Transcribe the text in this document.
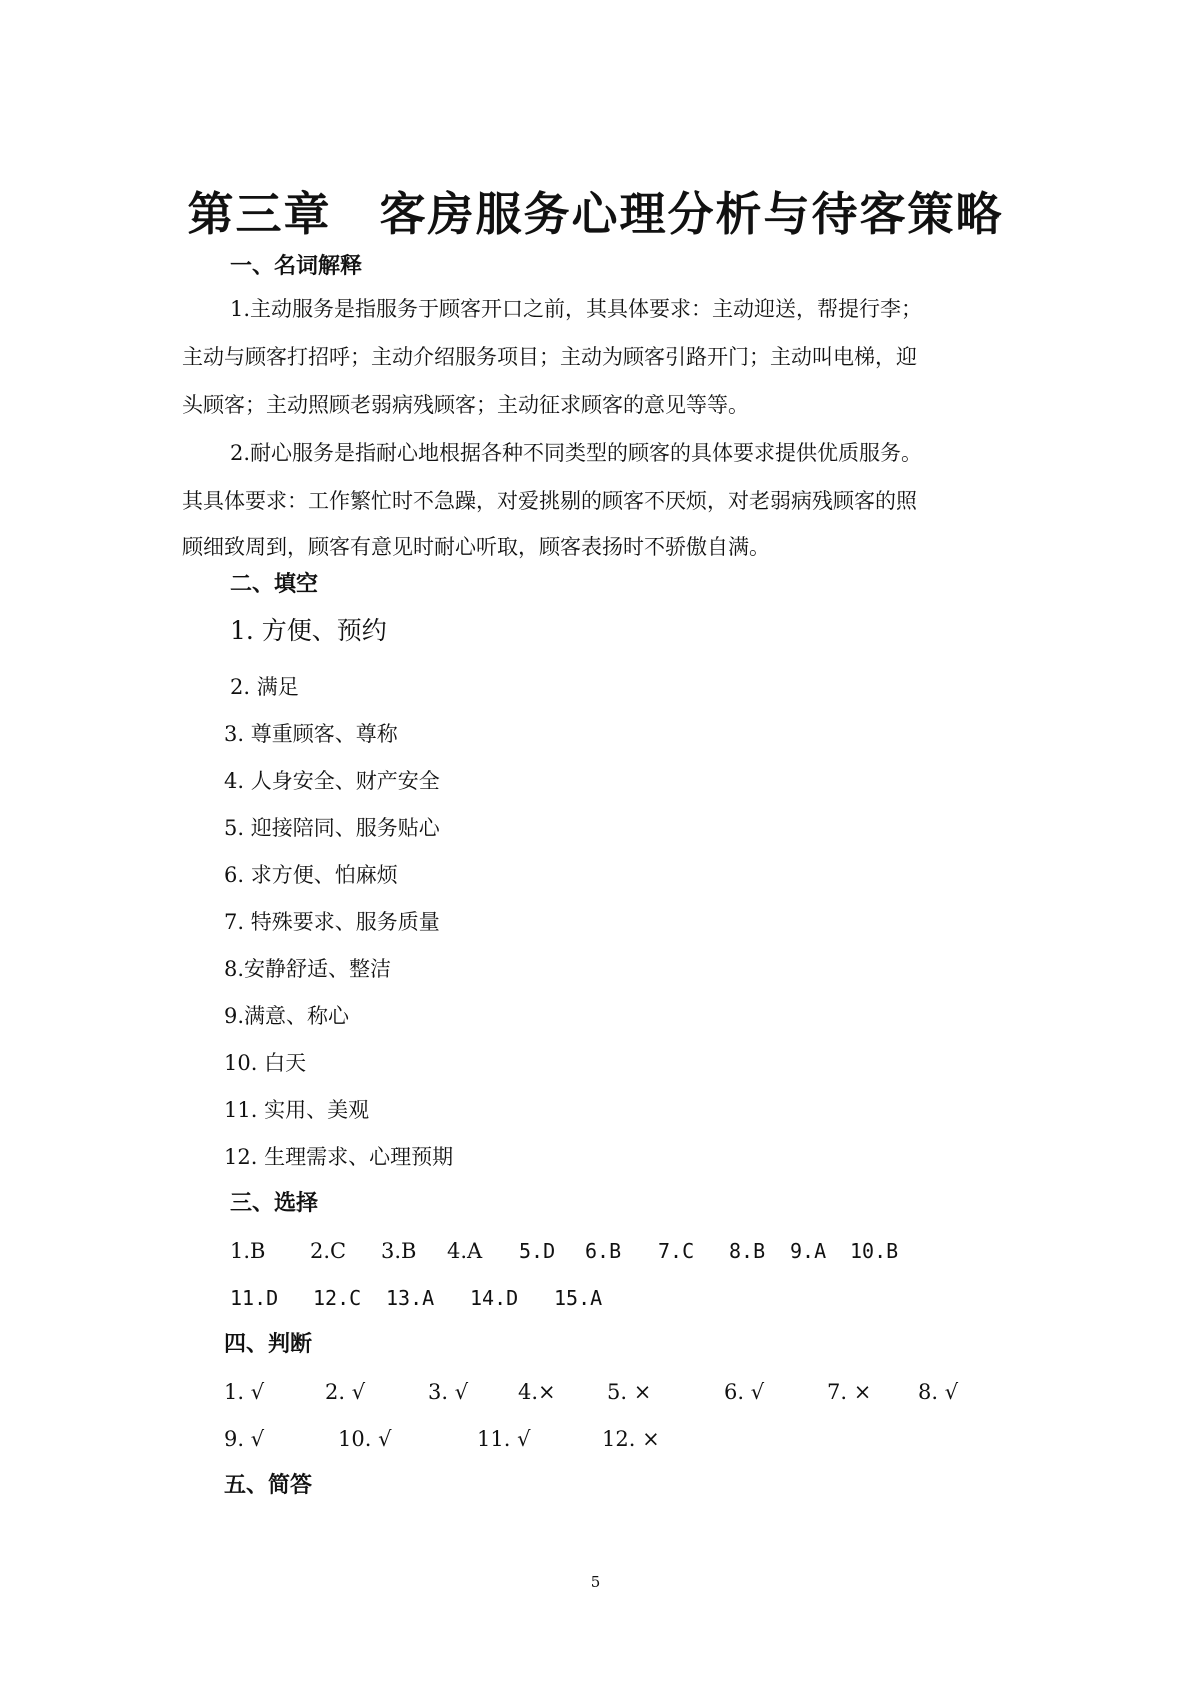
第三章　客房服务心理分析与待客策略
一、名词解释
1.主动服务是指服务于顾客开口之前，其具体要求：主动迎送，帮提行李；
主动与顾客打招呼；主动介绍服务项目；主动为顾客引路开门；主动叫电梯，迎
头顾客；主动照顾老弱病残顾客；主动征求顾客的意见等等。
2.耐心服务是指耐心地根据各种不同类型的顾客的具体要求提供优质服务。
其具体要求：工作繁忙时不急躁，对爱挑剔的顾客不厌烦，对老弱病残顾客的照
顾细致周到，顾客有意见时耐心听取，顾客表扬时不骄傲自满。
二、填空
1. 方便、预约
2. 满足
3. 尊重顾客、尊称
4. 人身安全、财产安全
5. 迎接陪同、服务贴心
6. 求方便、怕麻烦
7. 特殊要求、服务质量
8.安静舒适、整洁
9.满意、称心
10. 白天
11. 实用、美观
12. 生理需求、心理预期
三、选择
1.B 2.C 3.B 4.A 5.D 6.B 7.C 8.B 9.A 10.B
11.D 12.C 13.A 14.D 15.A
四、判断
1. √	2. √	3. √ 4.× 5. ×	6. √	7. × 8. √
9. √	10. √	11. √	12. ×
五、简答
5
